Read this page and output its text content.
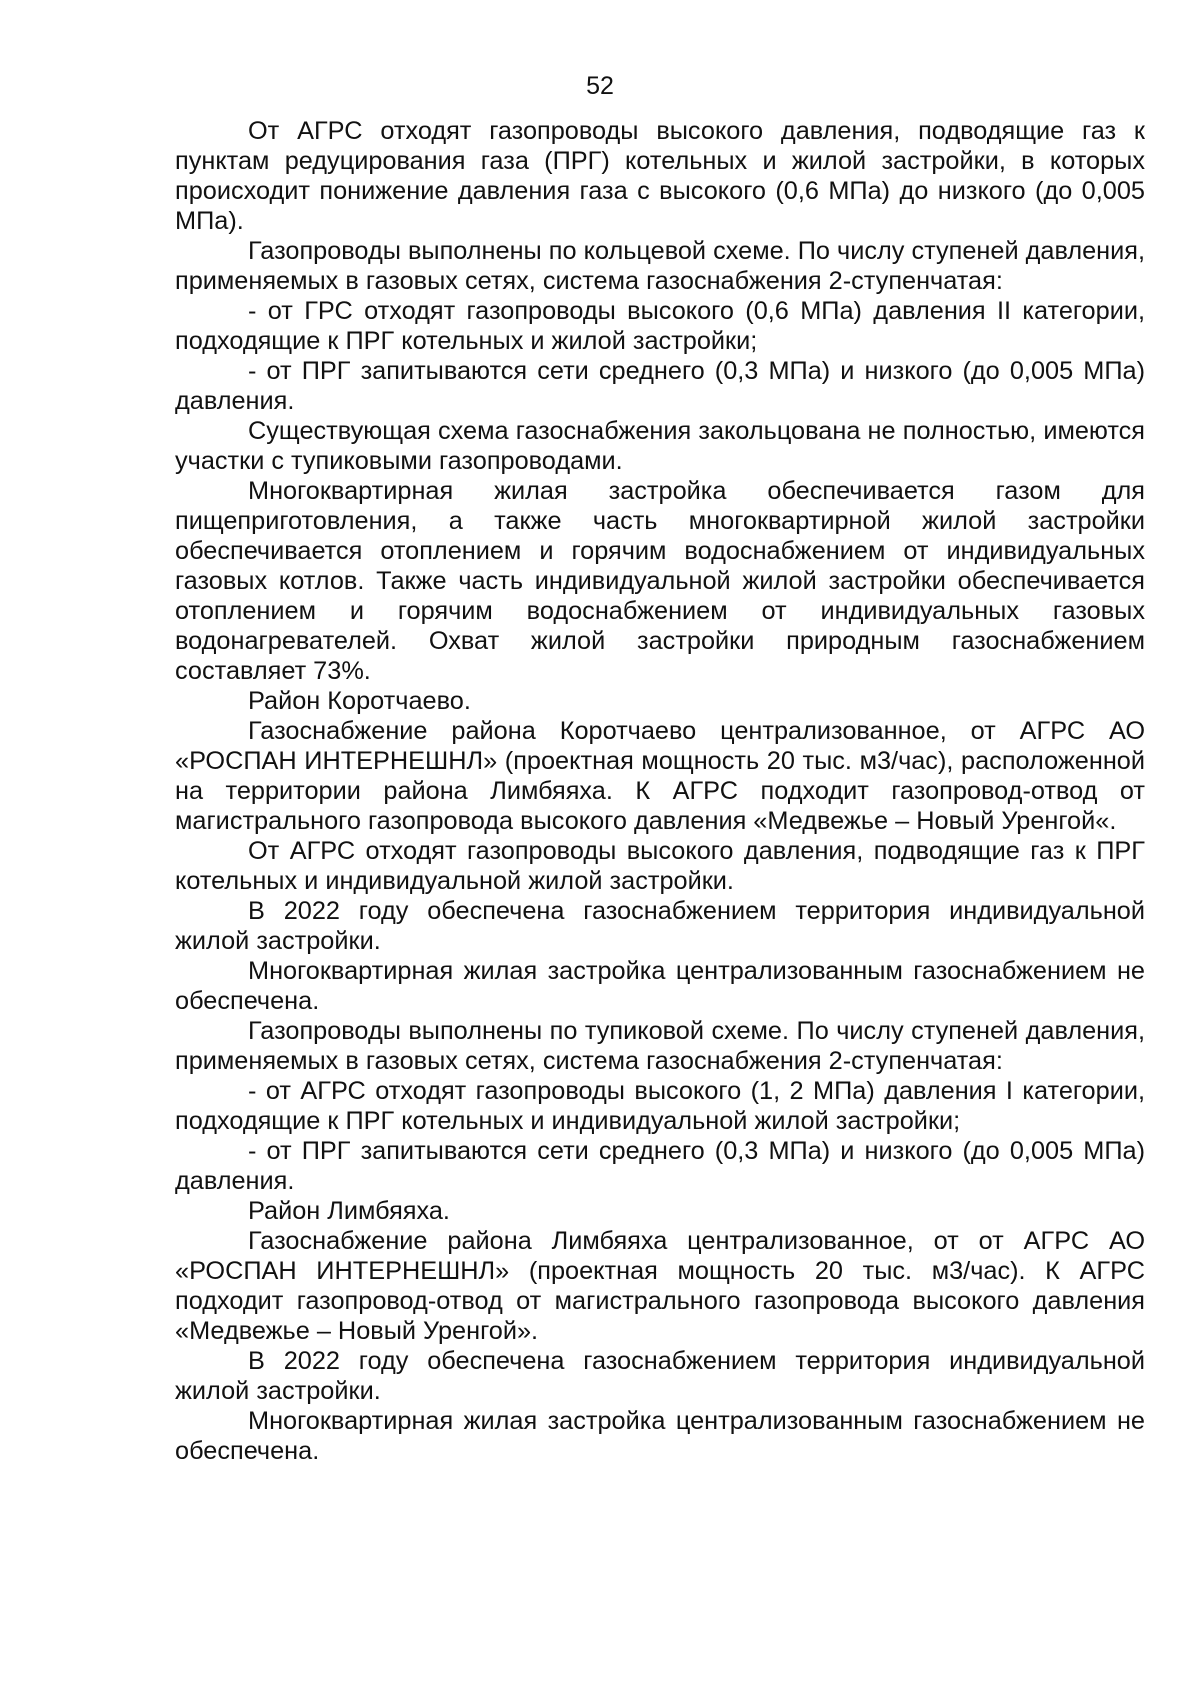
52

От АГРС отходят газопроводы высокого давления, подводящие газ к пунктам редуцирования газа (ПРГ) котельных и жилой застройки, в которых происходит понижение давления газа с высокого (0,6 МПа) до низкого (до 0,005 МПа).

Газопроводы выполнены по кольцевой схеме. По числу ступеней давления, применяемых в газовых сетях, система газоснабжения 2-ступенчатая:

- от ГРС отходят газопроводы высокого (0,6 МПа) давления II категории, подходящие к ПРГ котельных и жилой застройки;

- от ПРГ запитываются сети среднего (0,3 МПа) и низкого (до 0,005 МПа) давления.

Существующая схема газоснабжения закольцована не полностью, имеются участки с тупиковыми газопроводами.

Многоквартирная жилая застройка обеспечивается газом для пищеприготовления, а также часть многоквартирной жилой застройки обеспечивается отоплением и горячим водоснабжением от индивидуальных газовых котлов. Также часть индивидуальной жилой застройки обеспечивается отоплением и горячим водоснабжением от индивидуальных газовых водонагревателей. Охват жилой застройки природным газоснабжением составляет 73%.

Район Коротчаево.

Газоснабжение района Коротчаево централизованное, от АГРС АО «РОСПАН ИНТЕРНЕШНЛ» (проектная мощность 20 тыс. м3/час), расположенной на территории района Лимбяяха. К АГРС подходит газопровод-отвод от магистрального газопровода высокого давления «Медвежье – Новый Уренгой«.

От АГРС отходят газопроводы высокого давления, подводящие газ к ПРГ котельных и индивидуальной жилой застройки.

В 2022 году обеспечена газоснабжением территория индивидуальной жилой застройки.

Многоквартирная жилая застройка централизованным газоснабжением не обеспечена.

Газопроводы выполнены по тупиковой схеме. По числу ступеней давления, применяемых в газовых сетях, система газоснабжения 2-ступенчатая:

- от АГРС отходят газопроводы высокого (1, 2 МПа) давления I категории, подходящие к ПРГ котельных и индивидуальной жилой застройки;

- от ПРГ запитываются сети среднего (0,3 МПа) и низкого (до 0,005 МПа) давления.

Район Лимбяяха.

Газоснабжение района Лимбяяха централизованное, от от АГРС АО «РОСПАН ИНТЕРНЕШНЛ» (проектная мощность 20 тыс. м3/час). К АГРС подходит газопровод-отвод от магистрального газопровода высокого давления «Медвежье – Новый Уренгой».

В 2022 году обеспечена газоснабжением территория индивидуальной жилой застройки.

Многоквартирная жилая застройка централизованным газоснабжением не обеспечена.
